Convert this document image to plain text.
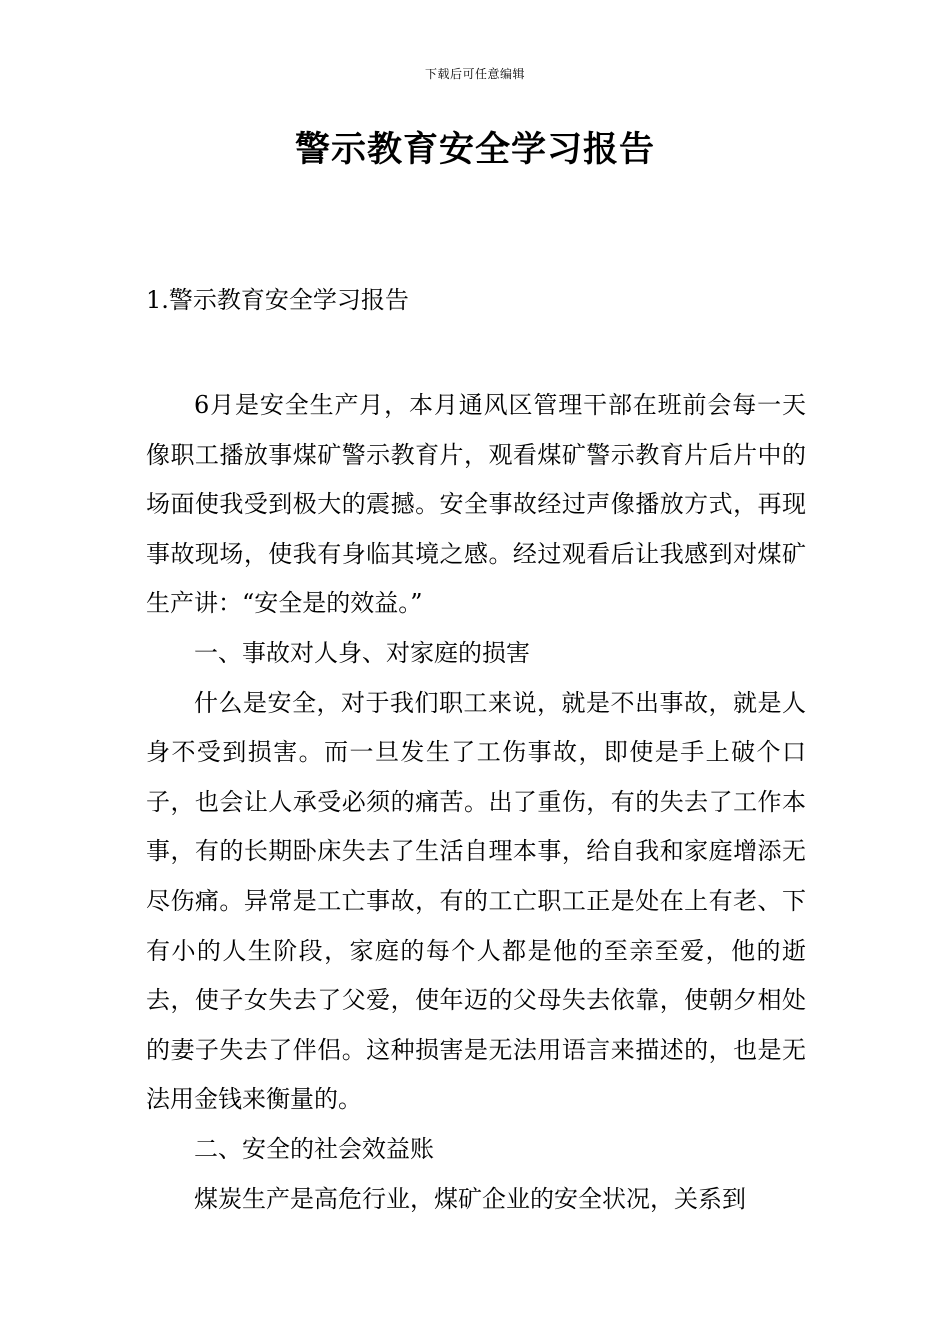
下载后可任意编辑
警示教育安全学习报告
1.警示教育安全学习报告

6月是安全生产月，本月通风区管理干部在班前会每一天像职工播放事煤矿警示教育片，观看煤矿警示教育片后片中的场面使我受到极大的震撼。安全事故经过声像播放方式，再现事故现场，使我有身临其境之感。经过观看后让我感到对煤矿生产讲：“安全是的效益。”

一、事故对人身、对家庭的损害

什么是安全，对于我们职工来说，就是不出事故，就是人身不受到损害。而一旦发生了工伤事故，即使是手上破个口子，也会让人承受必须的痛苦。出了重伤，有的失去了工作本事，有的长期卧床失去了生活自理本事，给自我和家庭增添无尽伤痛。异常是工亡事故，有的工亡职工正是处在上有老、下有小的人生阶段，家庭的每个人都是他的至亲至爱，他的逝去，使子女失去了父爱，使年迈的父母失去依靠，使朝夕相处的妻子失去了伴侣。这种损害是无法用语言来描述的，也是无法用金钱来衡量的。

二、安全的社会效益账

煤炭生产是高危行业，煤矿企业的安全状况，关系到
